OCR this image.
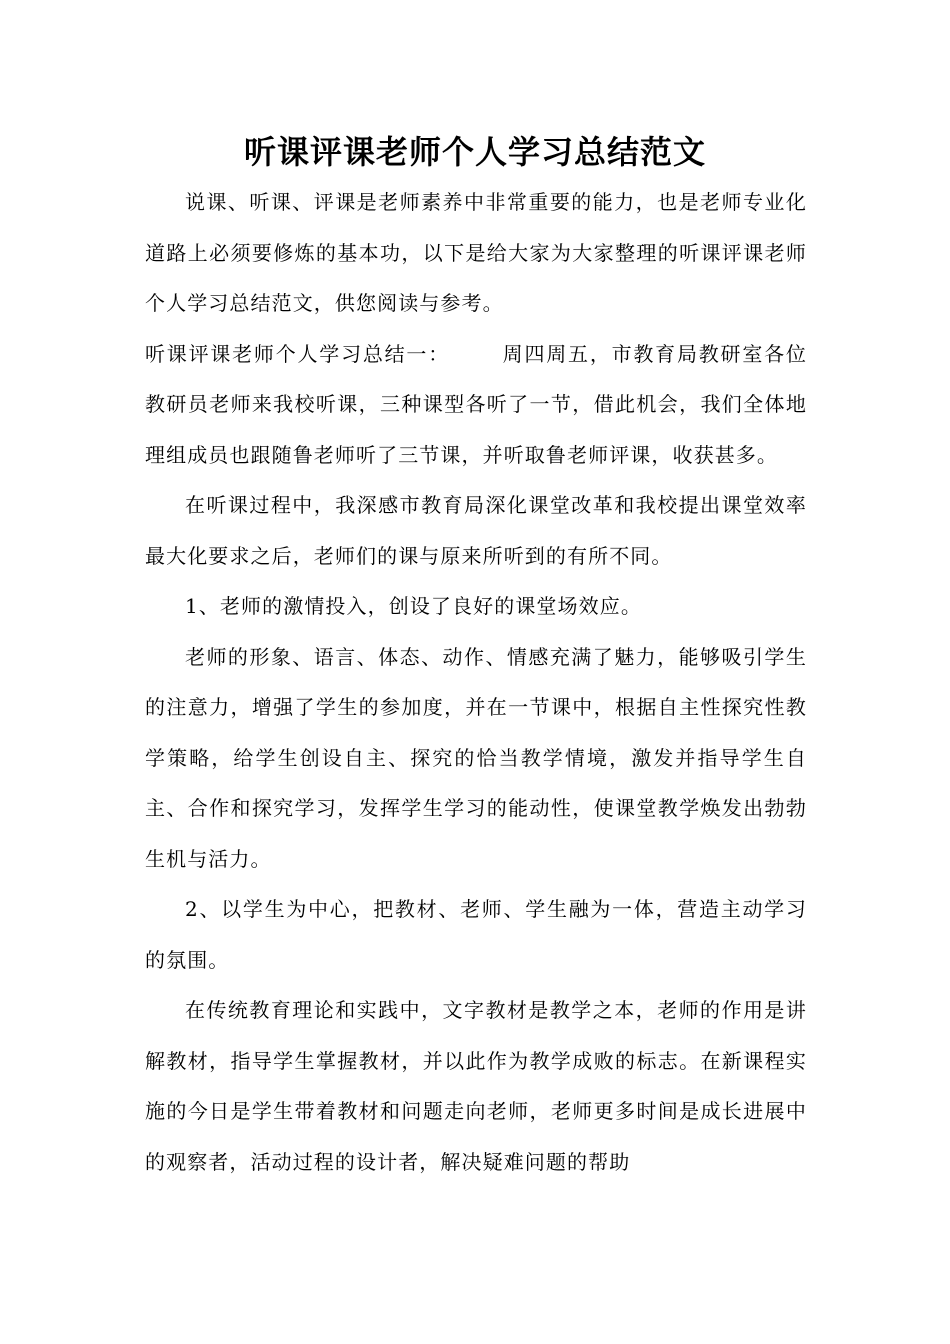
听课评课老师个人学习总结范文

说课、听课、评课是老师素养中非常重要的能力，也是老师专业化道路上必须要修炼的基本功，以下是给大家为大家整理的听课评课老师个人学习总结范文，供您阅读与参考。

听课评课老师个人学习总结一：	周四周五，市教育局教研室各位教研员老师来我校听课，三种课型各听了一节，借此机会，我们全体地理组成员也跟随鲁老师听了三节课，并听取鲁老师评课，收获甚多。

在听课过程中，我深感市教育局深化课堂改革和我校提出课堂效率最大化要求之后，老师们的课与原来所听到的有所不同。

1、老师的激情投入，创设了良好的课堂场效应。

老师的形象、语言、体态、动作、情感充满了魅力，能够吸引学生的注意力，增强了学生的参加度，并在一节课中，根据自主性探究性教学策略，给学生创设自主、探究的恰当教学情境，激发并指导学生自主、合作和探究学习，发挥学生学习的能动性，使课堂教学焕发出勃勃生机与活力。

2、以学生为中心，把教材、老师、学生融为一体，营造主动学习的氛围。

在传统教育理论和实践中，文字教材是教学之本，老师的作用是讲解教材，指导学生掌握教材，并以此作为教学成败的标志。在新课程实施的今日是学生带着教材和问题走向老师，老师更多时间是成长进展中的观察者，活动过程的设计者，解决疑难问题的帮助
